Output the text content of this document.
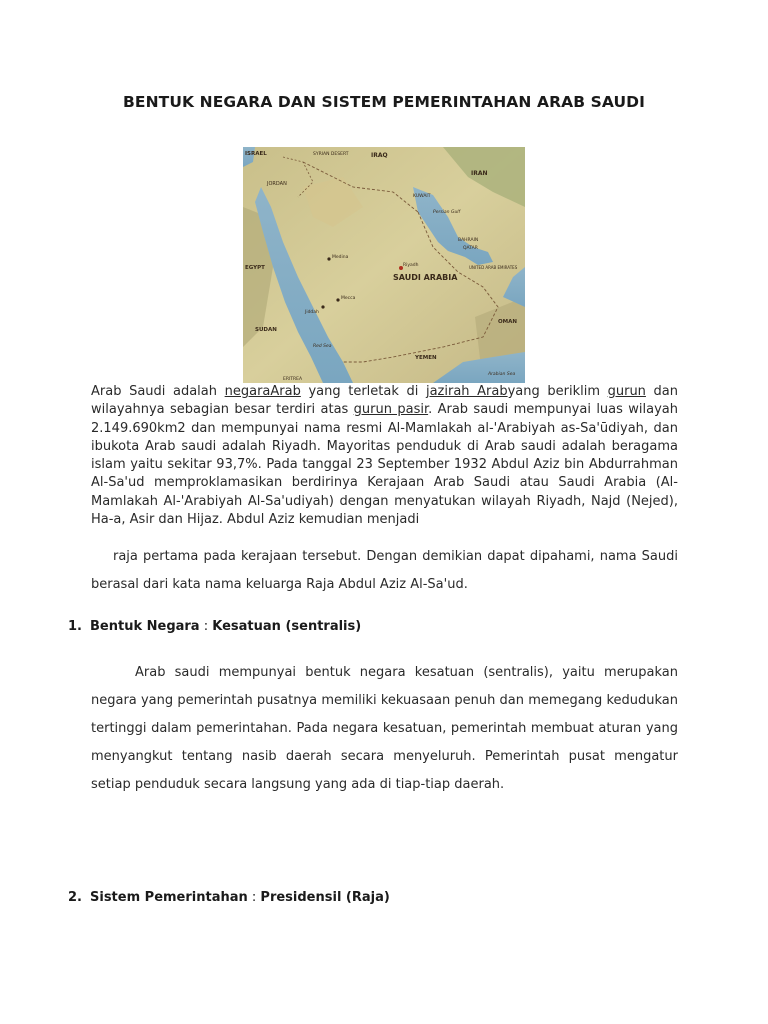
BENTUK NEGARA DAN SISTEM PEMERINTAHAN ARAB SAUDI
ISRAEL
JORDAN
SYRIAN DESERT	IRAQ
IRAN
KUWAIT
Persian Gulf
BAHRAIN
QATAR
UNITED ARAB EMIRATES
SAUDI ARABIA
Riyadh
Medina
Mecca
Jiddah
EGYPT
SUDAN
ERITREA
Red Sea
YEMEN
OMAN
Arabian Sea
Arab Saudi adalah negaraArab yang terletak di jazirah Arabyang beriklim gurun dan wilayahnya sebagian besar terdiri atas gurun pasir. Arab saudi mempunyai luas wilayah 2.149.690km2 dan mempunyai nama resmi Al-Mamlakah al-'Arabiyah as-Sa'ūdiyah, dan ibukota Arab saudi adalah Riyadh. Mayoritas penduduk di Arab saudi adalah beragama islam yaitu sekitar 93,7%. Pada tanggal 23 September 1932 Abdul Aziz bin Abdurrahman Al-Sa'ud memproklamasikan berdirinya Kerajaan Arab Saudi atau Saudi Arabia (Al-Mamlakah Al-'Arabiyah Al-Sa'udiyah) dengan menyatukan wilayah Riyadh, Najd (Nejed), Ha-a, Asir dan Hijaz. Abdul Aziz kemudian menjadi
raja pertama pada kerajaan tersebut. Dengan demikian dapat dipahami, nama Saudi berasal dari kata nama keluarga Raja Abdul Aziz Al-Sa'ud.
1. Bentuk Negara : Kesatuan (sentralis)
Arab saudi mempunyai bentuk negara kesatuan (sentralis), yaitu merupakan negara yang pemerintah pusatnya memiliki kekuasaan penuh dan memegang kedudukan tertinggi dalam pemerintahan. Pada negara kesatuan, pemerintah membuat aturan yang menyangkut tentang nasib daerah secara menyeluruh. Pemerintah pusat mengatur setiap penduduk secara langsung yang ada di tiap-tiap daerah.
2. Sistem Pemerintahan : Presidensil (Raja)
